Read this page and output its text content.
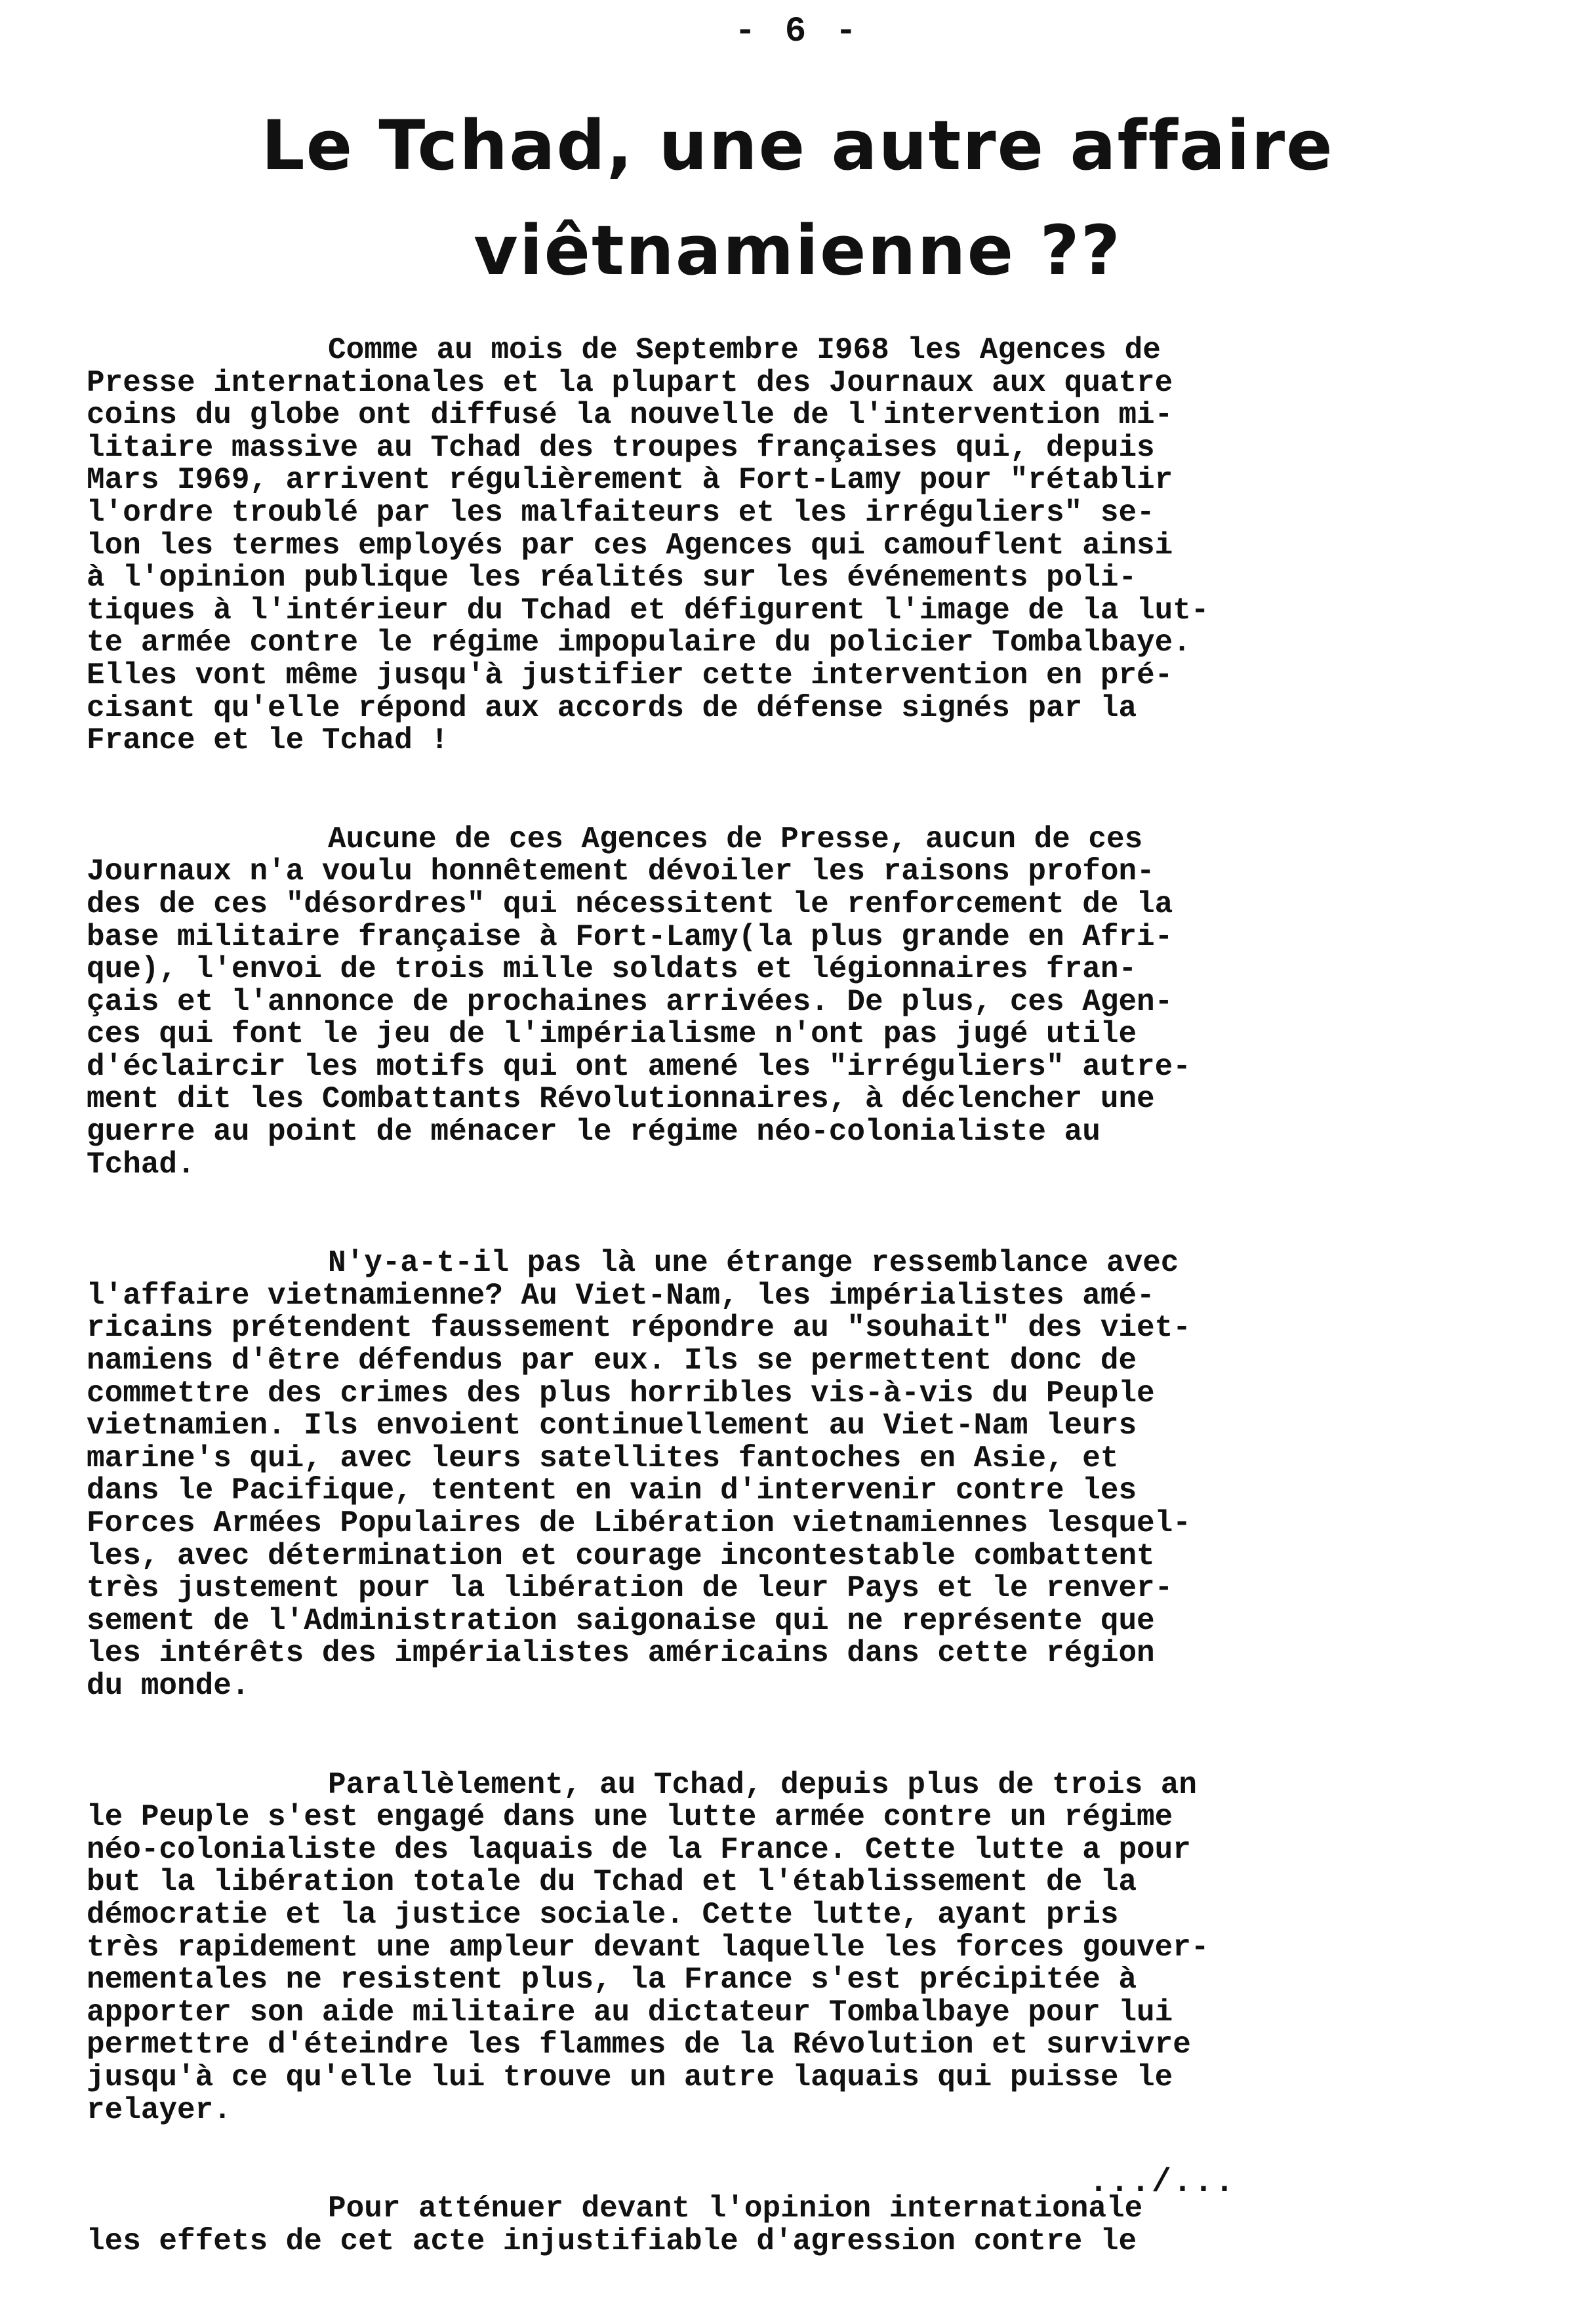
- 6 -
Le Tchad, une autre affaire
viêtnamienne ??

Comme au mois de Septembre I968 les Agences de
Presse internationales et la plupart des Journaux aux quatre
coins du globe ont diffusé la nouvelle de l'intervention mi-
litaire massive au Tchad des troupes françaises qui, depuis
Mars I969, arrivent régulièrement à Fort-Lamy pour "rétablir
l'ordre troublé par les malfaiteurs et les irréguliers" se-
lon les termes employés par ces Agences qui camouflent ainsi
à l'opinion publique les réalités sur les événements poli-
tiques à l'intérieur du Tchad et défigurent l'image de la lut-
te armée contre le régime impopulaire du policier Tombalbaye.
Elles vont même jusqu'à justifier cette intervention en pré-
cisant qu'elle répond aux accords de défense signés par la
France et le Tchad !

Aucune de ces Agences de Presse, aucun de ces
Journaux n'a voulu honnêtement dévoiler les raisons profon-
des de ces "désordres" qui nécessitent le renforcement de la
base militaire française à Fort-Lamy(la plus grande en Afri-
que), l'envoi de trois mille soldats et légionnaires fran-
çais et l'annonce de prochaines arrivées. De plus, ces Agen-
ces qui font le jeu de l'impérialisme n'ont pas jugé utile
d'éclaircir les motifs qui ont amené les "irréguliers" autre-
ment dit les Combattants Révolutionnaires, à déclencher une
guerre au point de ménacer le régime néo-colonialiste au
Tchad.

N'y-a-t-il pas là une étrange ressemblance avec
l'affaire vietnamienne? Au Viet-Nam, les impérialistes amé-
ricains prétendent faussement répondre au "souhait" des viet-
namiens d'être défendus par eux. Ils se permettent donc de
commettre des crimes des plus horribles vis-à-vis du Peuple
vietnamien. Ils envoient continuellement au Viet-Nam leurs
marine's qui, avec leurs satellites fantoches en Asie, et
dans le Pacifique, tentent en vain d'intervenir contre les
Forces Armées Populaires de Libération vietnamiennes lesquel-
les, avec détermination et courage incontestable combattent
très justement pour la libération de leur Pays et le renver-
sement de l'Administration saigonaise qui ne représente que
les intérêts des impérialistes américains dans cette région
du monde.

Parallèlement, au Tchad, depuis plus de trois an
le Peuple s'est engagé dans une lutte armée contre un régime
néo-colonialiste des laquais de la France. Cette lutte a pour
but la libération totale du Tchad et l'établissement de la
démocratie et la justice sociale. Cette lutte, ayant pris
très rapidement une ampleur devant laquelle les forces gouver-
nementales ne resistent plus, la France s'est précipitée à
apporter son aide militaire au dictateur Tombalbaye pour lui
permettre d'éteindre les flammes de la Révolution et survivre
jusqu'à ce qu'elle lui trouve un autre laquais qui puisse le
relayer.

Pour atténuer devant l'opinion internationale
les effets de cet acte injustifiable d'agression contre le

.../...
